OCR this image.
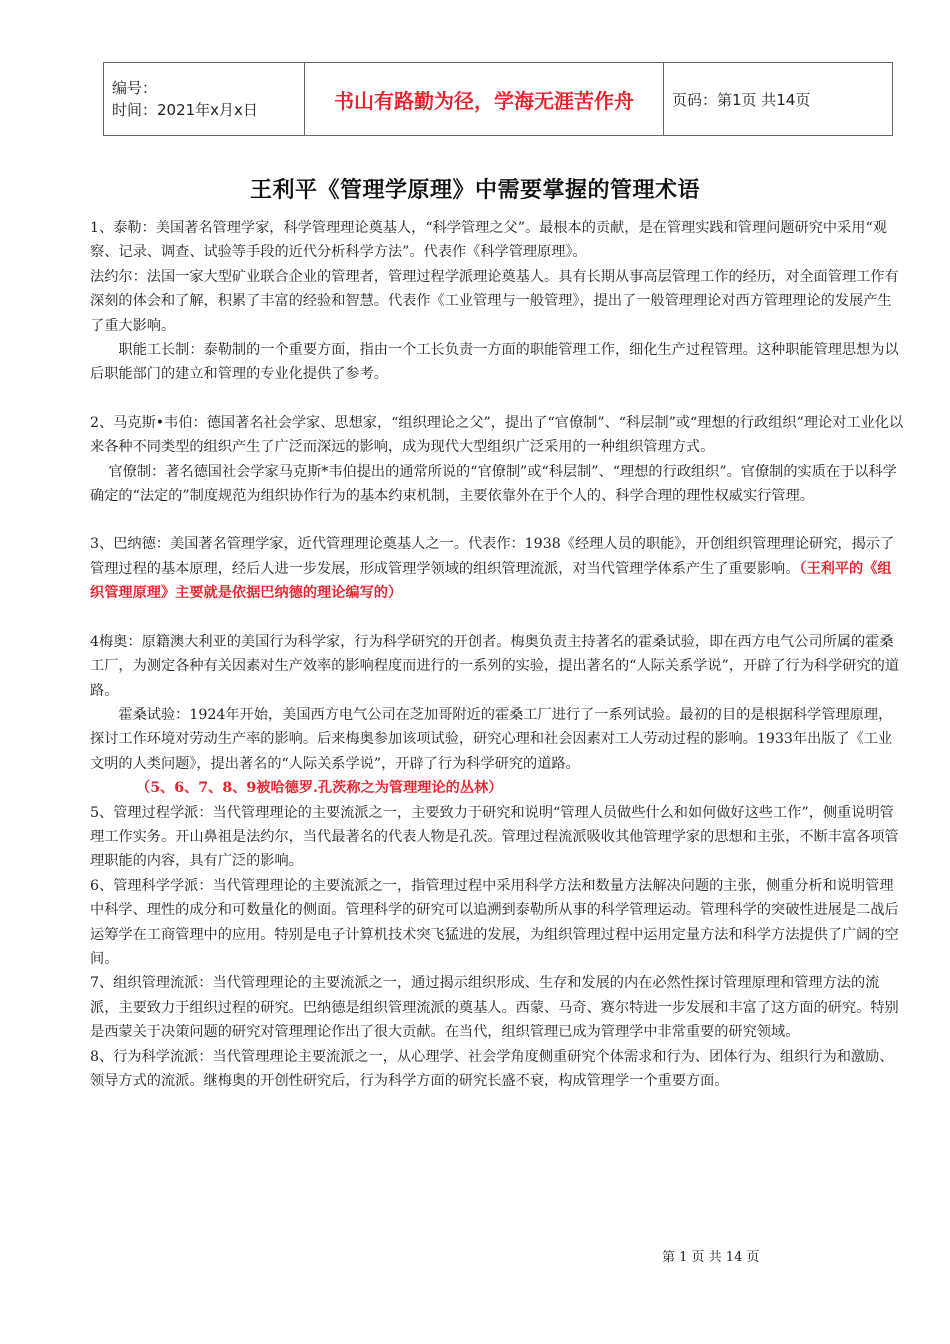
编号：
时间：2021年x月x日	书山有路勤为径，学海无涯苦作舟	页码：第1页 共14页
王利平《管理学原理》中需要掌握的管理术语

1、泰勒：美国著名管理学家，科学管理理论奠基人，“科学管理之父”。最根本的贡献，是在管理实践和管理问题研究中采用“观察、记录、调查、试验等手段的近代分析科学方法”。代表作《科学管理原理》。

法约尔：法国一家大型矿业联合企业的管理者，管理过程学派理论奠基人。具有长期从事高层管理工作的经历，对全面管理工作有深刻的体会和了解，积累了丰富的经验和智慧。代表作《工业管理与一般管理》，提出了一般管理理论对西方管理理论的发展产生了重大影响。

职能工长制：泰勒制的一个重要方面，指由一个工长负责一方面的职能管理工作，细化生产过程管理。这种职能管理思想为以后职能部门的建立和管理的专业化提供了参考。

2、马克斯•韦伯：德国著名社会学家、思想家，“组织理论之父”，提出了“官僚制”、“科层制”或“理想的行政组织”理论对工业化以来各种不同类型的组织产生了广泛而深远的影响，成为现代大型组织广泛采用的一种组织管理方式。

官僚制：著名德国社会学家马克斯*韦伯提出的通常所说的“官僚制”或“科层制”、“理想的行政组织”。官僚制的实质在于以科学确定的“法定的”制度规范为组织协作行为的基本约束机制，主要依靠外在于个人的、科学合理的理性权威实行管理。

3、巴纳德：美国著名管理学家，近代管理理论奠基人之一。代表作：1938《经理人员的职能》，开创组织管理理论研究，揭示了管理过程的基本原理，经后人进一步发展，形成管理学领域的组织管理流派，对当代管理学体系产生了重要影响。（王利平的《组织管理原理》主要就是依据巴纳德的理论编写的）

4梅奥：原籍澳大利亚的美国行为科学家，行为科学研究的开创者。梅奥负责主持著名的霍桑试验，即在西方电气公司所属的霍桑工厂，为测定各种有关因素对生产效率的影响程度而进行的一系列的实验，提出著名的“人际关系学说”，开辟了行为科学研究的道路。

霍桑试验：1924年开始，美国西方电气公司在芝加哥附近的霍桑工厂进行了一系列试验。最初的目的是根据科学管理原理，探讨工作环境对劳动生产率的影响。后来梅奥参加该项试验，研究心理和社会因素对工人劳动过程的影响。1933年出版了《工业文明的人类问题》，提出著名的“人际关系学说”，开辟了行为科学研究的道路。

（5、6、7、8、9被哈德罗.孔茨称之为管理理论的丛林）

5、管理过程学派：当代管理理论的主要流派之一，主要致力于研究和说明“管理人员做些什么和如何做好这些工作”，侧重说明管理工作实务。开山鼻祖是法约尔，当代最著名的代表人物是孔茨。管理过程流派吸收其他管理学家的思想和主张，不断丰富各项管理职能的内容，具有广泛的影响。

6、管理科学学派：当代管理理论的主要流派之一，指管理过程中采用科学方法和数量方法解决问题的主张，侧重分析和说明管理中科学、理性的成分和可数量化的侧面。管理科学的研究可以追溯到泰勒所从事的科学管理运动。管理科学的突破性进展是二战后运筹学在工商管理中的应用。特别是电子计算机技术突飞猛进的发展，为组织管理过程中运用定量方法和科学方法提供了广阔的空间。

7、组织管理流派：当代管理理论的主要流派之一，通过揭示组织形成、生存和发展的内在必然性探讨管理原理和管理方法的流派，主要致力于组织过程的研究。巴纳德是组织管理流派的奠基人。西蒙、马奇、赛尔特进一步发展和丰富了这方面的研究。特别是西蒙关于决策问题的研究对管理理论作出了很大贡献。在当代，组织管理已成为管理学中非常重要的研究领域。

8、行为科学流派：当代管理理论主要流派之一，从心理学、社会学角度侧重研究个体需求和行为、团体行为、组织行为和激励、领导方式的流派。继梅奥的开创性研究后，行为科学方面的研究长盛不衰，构成管理学一个重要方面。

第 1 页 共 14 页
